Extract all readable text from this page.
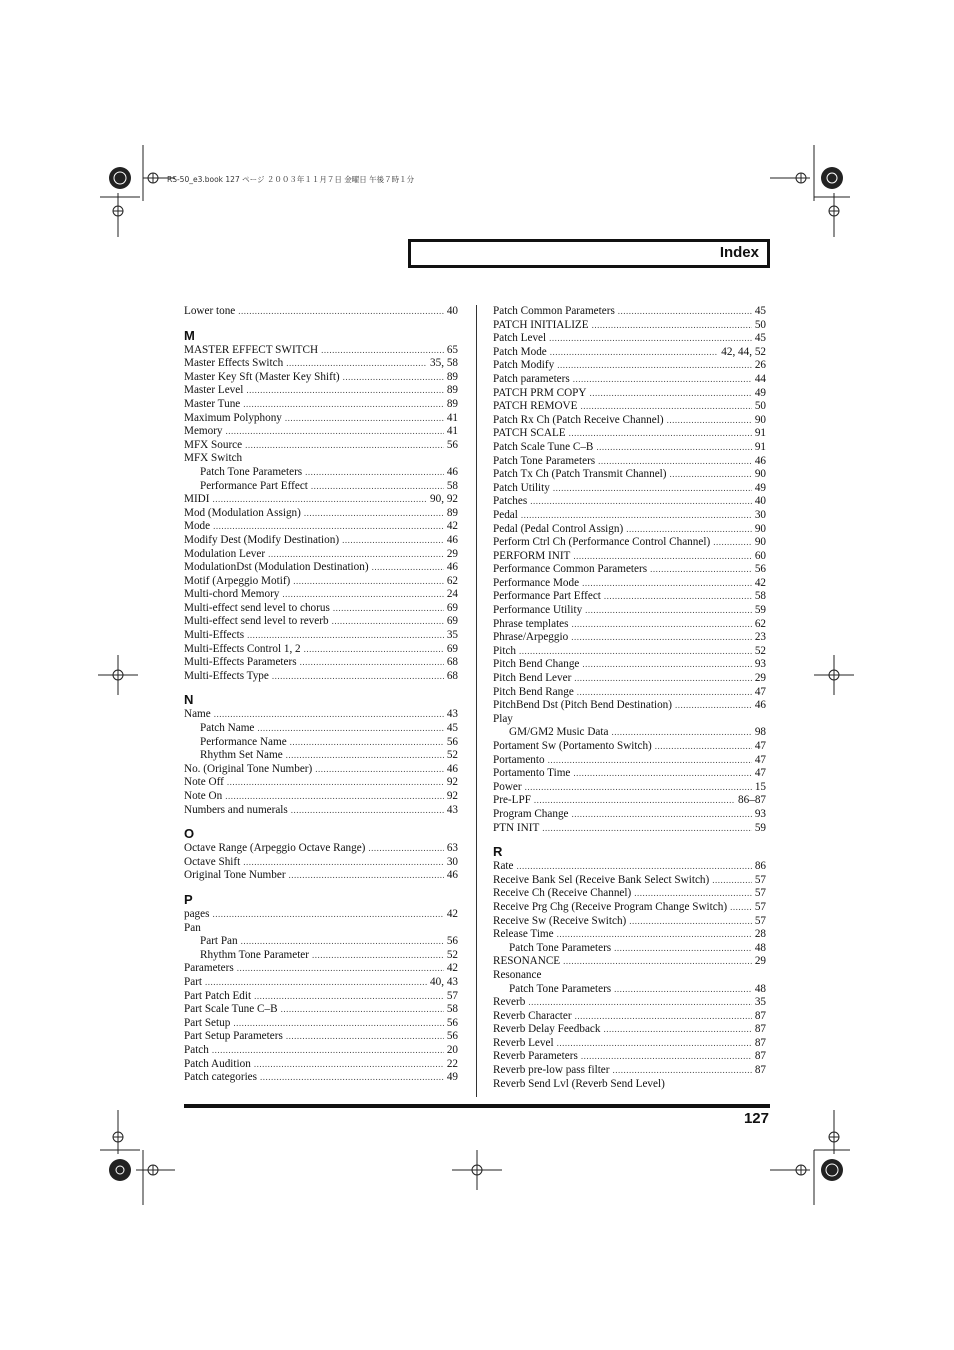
RS-50_e3.book 127 ページ ２００３年１１月７日 金曜日 午後７時１分
Index
Lower tone .....	40
M
MASTER EFFECT SWITCH .....	65
Master Effects Switch .....	35, 58
Master Key Sft (Master Key Shift) .....	89
Master Level .....	89
Master Tune .....	89
Maximum Polyphony .....	41
Memory .....	41
MFX Source .....	56
MFX Switch
Patch Tone Parameters .....	46
Performance Part Effect .....	58
MIDI .....	90, 92
Mod (Modulation Assign) .....	89
Mode .....	42
Modify Dest (Modify Destination) .....	46
Modulation Lever .....	29
ModulationDst (Modulation Destination) .....	46
Motif (Arpeggio Motif) .....	62
Multi-chord Memory .....	24
Multi-effect send level to chorus .....	69
Multi-effect send level to reverb .....	69
Multi-Effects .....	35
Multi-Effects Control 1, 2 .....	69
Multi-Effects Parameters .....	68
Multi-Effects Type .....	68
N
Name .....	43
Patch Name .....	45
Performance Name .....	56
Rhythm Set Name .....	52
No. (Original Tone Number) .....	46
Note Off .....	92
Note On .....	92
Numbers and numerals .....	43
O
Octave Range (Arpeggio Octave Range) .....	63
Octave Shift .....	30
Original Tone Number .....	46
P
pages .....	42
Pan
Part Pan .....	56
Rhythm Tone Parameter .....	52
Parameters .....	42
Part .....	40, 43
Part Patch Edit .....	57
Part Scale Tune C–B .....	58
Part Setup .....	56
Part Setup Parameters .....	56
Patch .....	20
Patch Audition .....	22
Patch categories .....	49
Patch Common Parameters .....	45
PATCH INITIALIZE .....	50
Patch Level .....	45
Patch Mode .....	42, 44, 52
Patch Modify .....	26
Patch parameters .....	44
PATCH PRM COPY .....	49
PATCH REMOVE .....	50
Patch Rx Ch (Patch Receive Channel) .....	90
PATCH SCALE .....	91
Patch Scale Tune C–B .....	91
Patch Tone Parameters .....	46
Patch Tx Ch (Patch Transmit Channel) .....	90
Patch Utility .....	49
Patches .....	40
Pedal .....	30
Pedal (Pedal Control Assign) .....	90
Perform Ctrl Ch (Performance Control Channel) .....	90
PERFORM INIT .....	60
Performance Common Parameters .....	56
Performance Mode .....	42
Performance Part Effect .....	58
Performance Utility .....	59
Phrase templates .....	62
Phrase/Arpeggio .....	23
Pitch .....	52
Pitch Bend Change .....	93
Pitch Bend Lever .....	29
Pitch Bend Range .....	47
PitchBend Dst (Pitch Bend Destination) .....	46
Play
GM/GM2 Music Data .....	98
Portament Sw (Portamento Switch) .....	47
Portamento .....	47
Portamento Time .....	47
Power .....	15
Pre-LPF .....	86–87
Program Change .....	93
PTN INIT .....	59
R
Rate .....	86
Receive Bank Sel (Receive Bank Select Switch) .....	57
Receive Ch (Receive Channel) .....	57
Receive Prg Chg (Receive Program Change Switch) ..... 57
Receive Sw (Receive Switch) .....	57
Release Time .....	28
Patch Tone Parameters .....	48
RESONANCE .....	29
Resonance
Patch Tone Parameters .....	48
Reverb .....	35
Reverb Character .....	87
Reverb Delay Feedback .....	87
Reverb Level .....	87
Reverb Parameters .....	87
Reverb pre-low pass filter .....	87
Reverb Send Lvl (Reverb Send Level)
127
